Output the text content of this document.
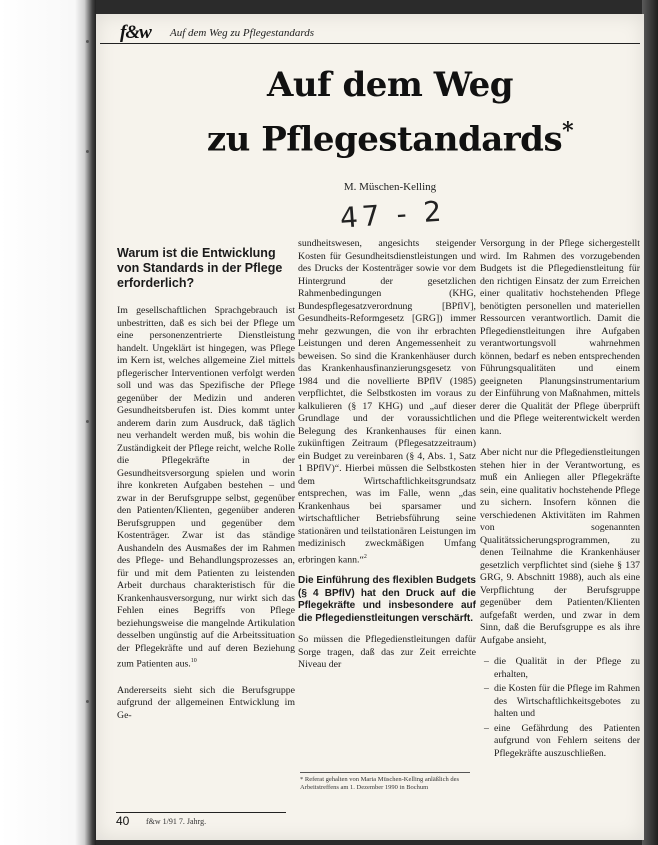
f&w Auf dem Weg zu Pflegestandards
Auf dem Weg
zu Pflegestandards*
M. Müschen-Kelling
47 - 2
Warum ist die Entwicklung von Standards in der Pflege erforderlich?

Im gesellschaftlichen Sprachgebrauch ist unbestritten, daß es sich bei der Pflege um eine personenzentrierte Dienstleistung handelt. Ungeklärt ist hingegen, was Pflege im Kern ist, welches allgemeine Ziel mittels pflegerischer Interventionen verfolgt werden soll und was das Spezifische der Pflege gegenüber der Medizin und anderen Gesundheitsberufen ist. Dies kommt unter anderem darin zum Ausdruck, daß täglich neu verhandelt werden muß, bis wohin die Zuständigkeit der Pflege reicht, welche Rolle die Pflegekräfte in der Gesundheitsversorgung spielen und worin ihre konkreten Aufgaben bestehen – und zwar in der Berufsgruppe selbst, gegenüber den Patienten/Klienten, gegenüber anderen Berufsgruppen und gegenüber dem Kostenträger. Zwar ist das ständige Aushandeln des Ausmaßes der im Rahmen des Pflege- und Behandlungsprozesses an, für und mit dem Patienten zu leistenden Arbeit durchaus charakteristisch für die Krankenhausversorgung, nur wirkt sich das Fehlen eines Begriffs von Pflege beziehungsweise die mangelnde Artikulation desselben ungünstig auf die Arbeitssituation der Pflegekräfte und auf deren Beziehung zum Patienten aus.$^{10}$

Andererseits sieht sich die Berufsgruppe aufgrund der allgemeinen Entwicklung im Ge-

sundheitswesen, angesichts steigender Kosten für Gesundheitsdienstleistungen und des Drucks der Kostenträger sowie vor dem Hintergrund der gesetzlichen Rahmenbedingungen (KHG, Bundespflegesatzverordnung [BPflV], Gesundheits-Reformgesetz [GRG]) immer mehr gezwungen, die von ihr erbrachten Leistungen und deren Angemessenheit zu beweisen. So sind die Krankenhäuser durch das Krankenhausfinanzierungsgesetz von 1984 und die novellierte BPflV (1985) verpflichtet, die Selbstkosten im voraus zu kalkulieren (§ 17 KHG) und „auf dieser Grundlage und der voraussichtlichen Belegung des Krankenhauses für einen zukünftigen Zeitraum (Pflegesatzzeitraum) ein Budget zu vereinbaren (§ 4, Abs. 1, Satz 1 BPflV)“. Hierbei müssen die Selbstkosten dem Wirtschaftlichkeitsgrundsatz entsprechen, was im Falle, wenn „das Krankenhaus bei sparsamer und wirtschaftlicher Betriebsführung seine stationären und teilstationären Leistungen im medizinisch zweckmäßigen Umfang erbringen kann.“$^2$

Die Einführung des flexiblen Budgets (§ 4 BPflV) hat den Druck auf die Pflegekräfte und insbesondere auf die Pflegedienstleitungen verschärft.

So müssen die Pflegedienstleitungen dafür Sorge tragen, daß das zur Zeit erreichte Niveau der

* Referat gehalten von Maria Müschen-Kelling anläßlich des Arbeitstreffens am 1. Dezember 1990 in Bochum

Versorgung in der Pflege sichergestellt wird. Im Rahmen des vorzugebenden Budgets ist die Pflegedienstleitung für den richtigen Einsatz der zum Erreichen einer qualitativ hochstehenden Pflege benötigten personellen und materiellen Ressourcen verantwortlich. Damit die Pflegedienstleitungen ihre Aufgaben verantwortungsvoll wahrnehmen können, bedarf es neben entsprechenden Führungsqualitäten und einem geeigneten Planungsinstrumentarium der Einführung von Maßnahmen, mittels derer die Qualität der Pflege überprüft und die Pflege weiterentwickelt werden kann.

Aber nicht nur die Pflegedienstleitungen stehen hier in der Verantwortung, es muß ein Anliegen aller Pflegekräfte sein, eine qualitativ hochstehende Pflege zu sichern. Insofern können die verschiedenen Aktivitäten im Rahmen von sogenannten Qualitätssicherungsprogrammen, zu denen Teilnahme die Krankenhäuser gesetzlich verpflichtet sind (siehe § 137 GRG, 9. Abschnitt 1988), auch als eine Verpflichtung der Berufsgruppe gegenüber dem Patienten/Klienten aufgefaßt werden, und zwar in dem Sinn, daß die Berufsgruppe es als ihre Aufgabe ansieht,

– die Qualität in der Pflege zu erhalten,
– die Kosten für die Pflege im Rahmen des Wirtschaftlichkeitsgebotes zu halten und
– eine Gefährdung des Patienten aufgrund von Fehlern seitens der Pflegekräfte auszuschließen.
40 f&w 1/91 7. Jahrg.
